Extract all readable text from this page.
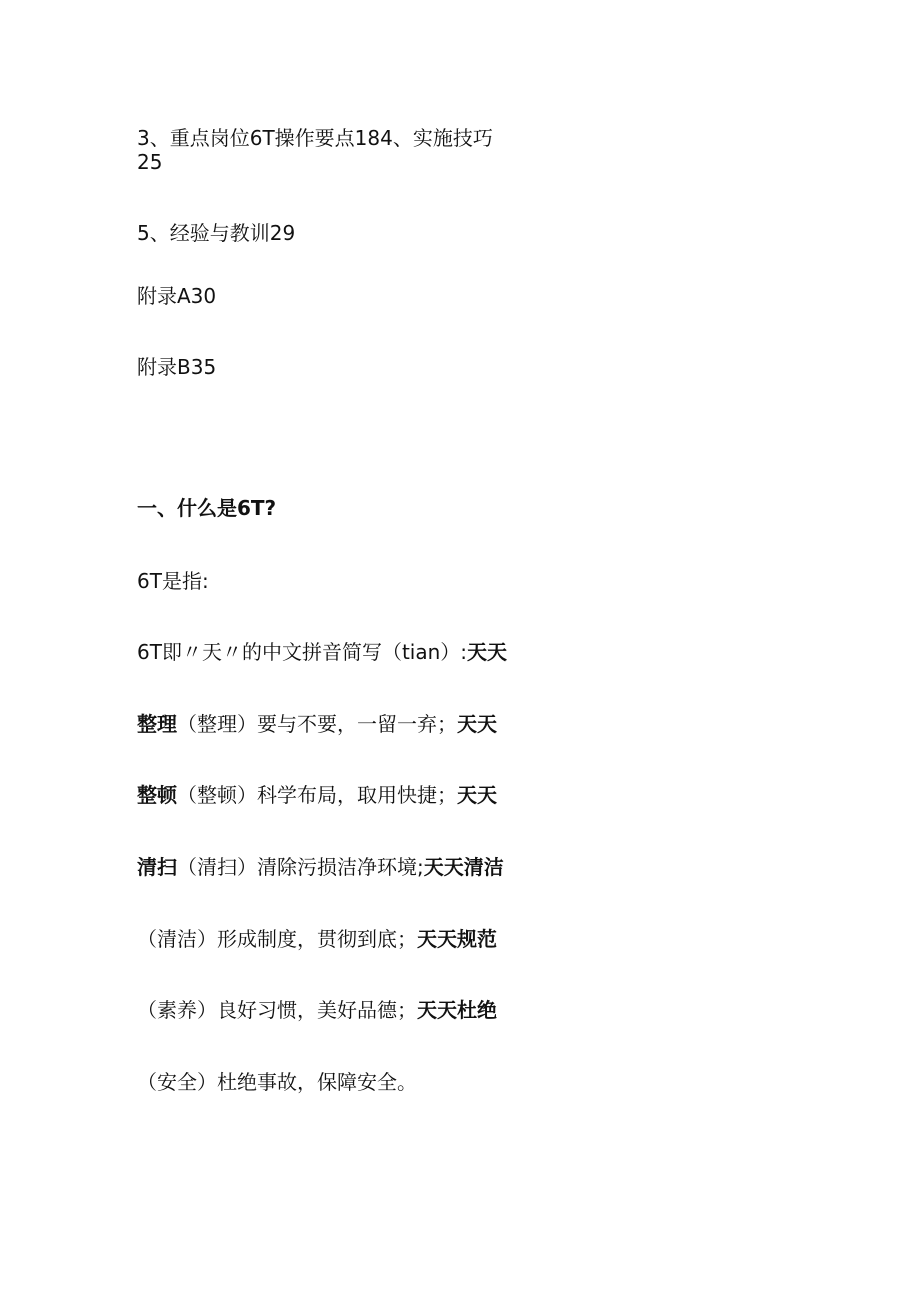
3、重点岗位6T操作要点184、实施技巧
25
5、经验与教训29
附录A30
附录B35
一、什么是6T?
6T是指:
6T即〃天〃的中文拼音简写（tian）:天天
整理（整理）要与不要，一留一弃；天天
整顿（整顿）科学布局，取用快捷；天天
清扫（清扫）清除污损洁净环境;天天清洁
（清洁）形成制度，贯彻到底；天天规范
（素养）良好习惯，美好品德；天天杜绝
（安全）杜绝事故，保障安全。
